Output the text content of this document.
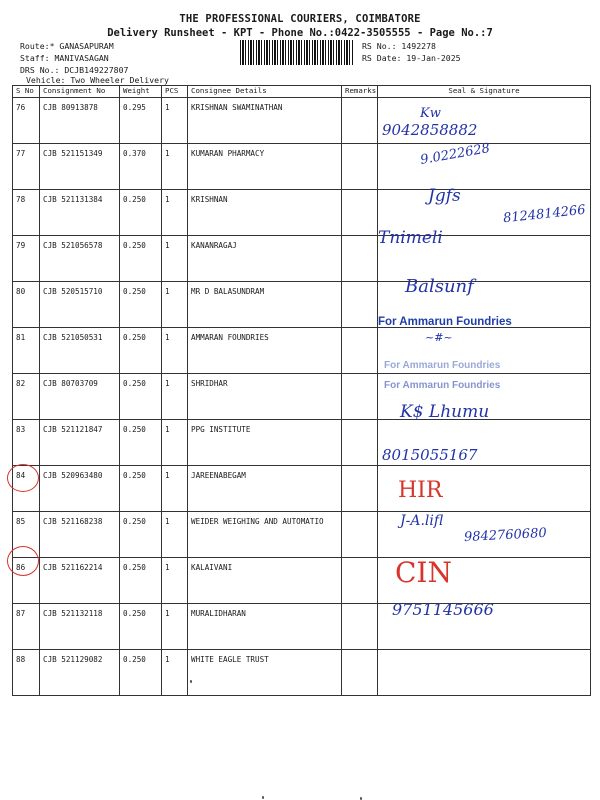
THE PROFESSIONAL COURIERS, COIMBATORE
Delivery Runsheet - KPT - Phone No.:0422-3505555 - Page No.:7
Route:* GANASAPURAM
Staff: MANIVASAGAN
DRS No.: DCJB149227807
Vehicle: Two Wheeler Delivery
RS No.: 1492278
RS Date: 19-Jan-2025
S No	Consignment No	Weight	PCS	Consignee Details	Remarks	Seal & Signature
76	CJB 80913878	0.295	1	KRISHNAN SWAMINATHAN		
77	CJB 521151349	0.370	1	KUMARAN PHARMACY		
78	CJB 521131384	0.250	1	KRISHNAN		
79	CJB 521056578	0.250	1	KANANRAGAJ		
80	CJB 520515710	0.250	1	MR D BALASUNDRAM		
81	CJB 521050531	0.250	1	AMMARAN FOUNDRIES		
82	CJB 80703709	0.250	1	SHRIDHAR		
83	CJB 521121847	0.250	1	PPG INSTITUTE		
84	CJB 520963480	0.250	1	JAREENABEGAM		
85	CJB 521168238	0.250	1	WEIDER WEIGHING AND AUTOMATIO		
86	CJB 521162214	0.250	1	KALAIVANI		
87	CJB 521132118	0.250	1	MURALIDHARAN		
88	CJB 521129082	0.250	1	WHITE EAGLE TRUST		
Kw
9042858882
9.0222628
Jgfs
8124814266
Tnimeli
Balsunf
For Ammarun Foundries
~#~
For Ammarun Foundries
For Ammarun Foundries
K$ Lhumu
8015055167
HIR
J-A.lifl
9842760680
CIN
9751145666
